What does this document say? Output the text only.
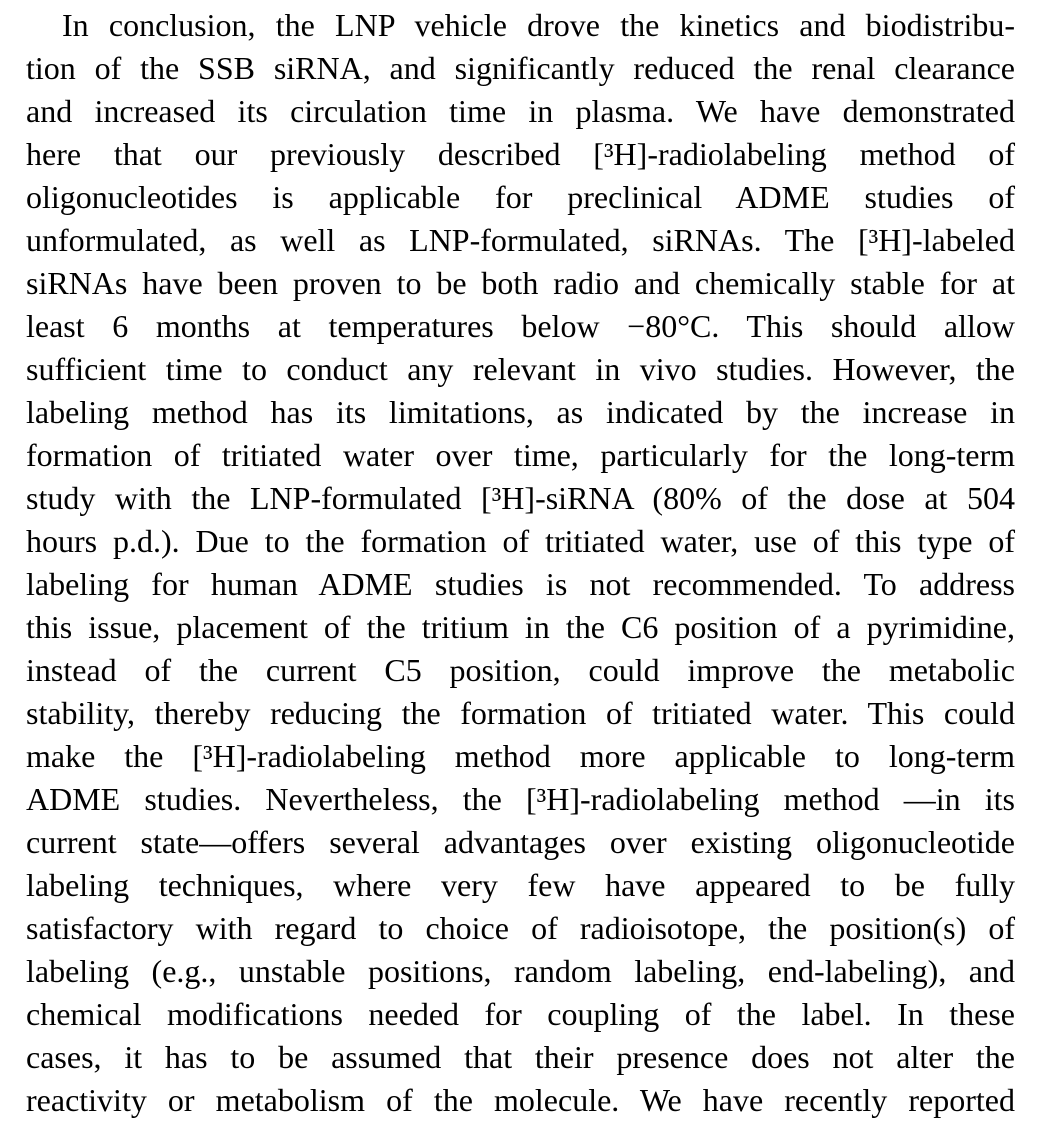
In conclusion, the LNP vehicle drove the kinetics and biodistribu-
tion of the SSB siRNA, and significantly reduced the renal clearance
and increased its circulation time in plasma. We have demonstrated
here that our previously described [³H]-radiolabeling method of
oligonucleotides is applicable for preclinical ADME studies of
unformulated, as well as LNP-formulated, siRNAs. The [³H]-labeled
siRNAs have been proven to be both radio and chemically stable for at
least 6 months at temperatures below −80°C. This should allow
sufficient time to conduct any relevant in vivo studies. However, the
labeling method has its limitations, as indicated by the increase in
formation of tritiated water over time, particularly for the long-term
study with the LNP-formulated [³H]-siRNA (80% of the dose at 504
hours p.d.). Due to the formation of tritiated water, use of this type of
labeling for human ADME studies is not recommended. To address
this issue, placement of the tritium in the C6 position of a pyrimidine,
instead of the current C5 position, could improve the metabolic
stability, thereby reducing the formation of tritiated water. This could
make the [³H]-radiolabeling method more applicable to long-term
ADME studies. Nevertheless, the [³H]-radiolabeling method —in its
current state—offers several advantages over existing oligonucleotide
labeling techniques, where very few have appeared to be fully
satisfactory with regard to choice of radioisotope, the position(s) of
labeling (e.g., unstable positions, random labeling, end-labeling), and
chemical modifications needed for coupling of the label. In these
cases, it has to be assumed that their presence does not alter the
reactivity or metabolism of the molecule. We have recently reported
